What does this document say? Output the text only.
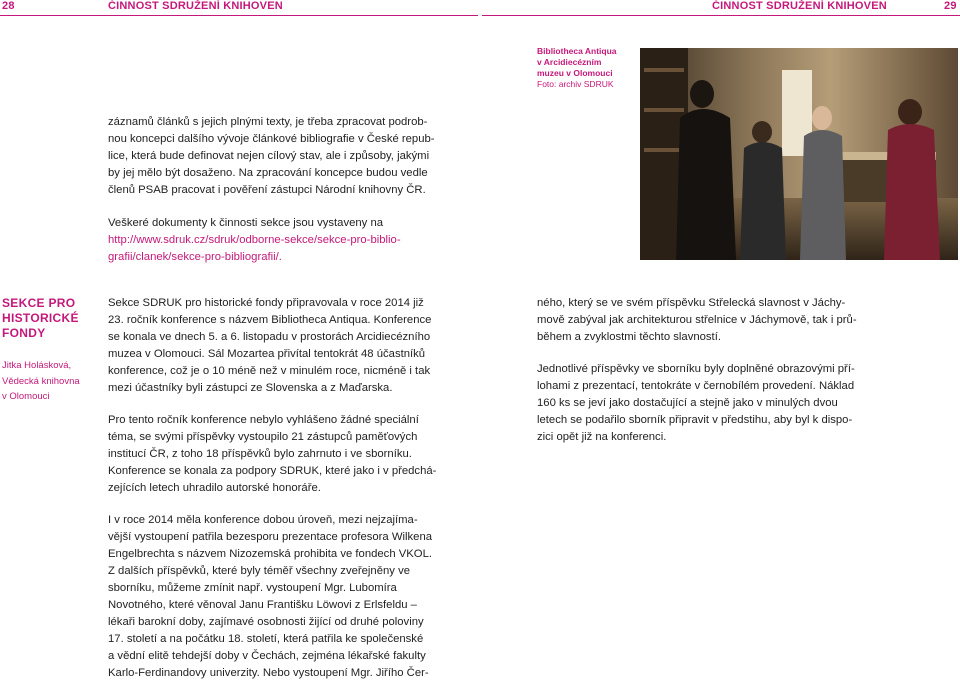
28	ČINNOST SDRUŽENÍ KNIHOVEN	ČINNOST SDRUŽENÍ KNIHOVEN	29
Bibliotheca Antiqua
v Arcidiecézním
muzeu v Olomouci
Foto: archiv SDRUK

záznamů článků s jejich plnými texty, je třeba zpracovat podrob-
nou koncepci dalšího vývoje článkové bibliografie v České repub-
lice, která bude definovat nejen cílový stav, ale i způsoby, jakými
by jej mělo být dosaženo. Na zpracování koncepce budou vedle
členů PSAB pracovat i pověření zástupci Národní knihovny ČR.

Veškeré dokumenty k činnosti sekce jsou vystaveny na
http://www.sdruk.cz/sdruk/odborne-sekce/sekce-pro-biblio-
grafii/clanek/sekce-pro-bibliografii/.

SEKCE PRO
HISTORICKÉ
FONDY
Jitka Holásková,
Vědecká knihovna
v Olomouci

Sekce SDRUK pro historické fondy připravovala v roce 2014 již
23. ročník konference s názvem Bibliotheca Antiqua. Konference
se konala ve dnech 5. a 6. listopadu v prostorách Arcidiecézního
muzea v Olomouci. Sál Mozartea přivítal tentokrát 48 účastníků
konference, což je o 10 méně než v minulém roce, nicméně i tak
mezi účastníky byli zástupci ze Slovenska a z Maďarska.

Pro tento ročník konference nebylo vyhlášeno žádné speciální
téma, se svými příspěvky vystoupilo 21 zástupců paměťových
institucí ČR, z toho 18 příspěvků bylo zahrnuto i ve sborníku.
Konference se konala za podpory SDRUK, které jako i v předchá-
zejících letech uhradilo autorské honoráře.

I v roce 2014 měla konference dobou úroveň, mezi nejzajíma-
vější vystoupení patřila bezesporu prezentace profesora Wilkena
Engelbrechta s názvem Nizozemská prohibita ve fondech VKOL.
Z dalších příspěvků, které byly téměř všechny zveřejněny ve
sborníku, můžeme zmínit např. vystoupení Mgr. Lubomíra
Novotného, které věnoval Janu Františku Löwovi z Erlsfeldu –
lékaři barokní doby, zajímavé osobnosti žijící od druhé poloviny
17. století a na počátku 18. století, která patřila ke společenské
a vědní elitě tehdejší doby v Čechách, zejména lékařské fakulty
Karlo-Ferdinandovy univerzity. Nebo vystoupení Mgr. Jiřího Čer-

ného, který se ve svém příspěvku Střelecká slavnost v Jáchy-
mově zabýval jak architekturou střelnice v Jáchymově, tak i prů-
během a zvyklostmi těchto slavností.

Jednotlivé příspěvky ve sborníku byly doplněné obrazovými pří-
lohami z prezentací, tentokráte v černobílém provedení. Náklad
160 ks se jeví jako dostačující a stejně jako v minulých dvou
letech se podařilo sborník připravit v předstihu, aby byl k dispo-
zici opět již na konferenci.
